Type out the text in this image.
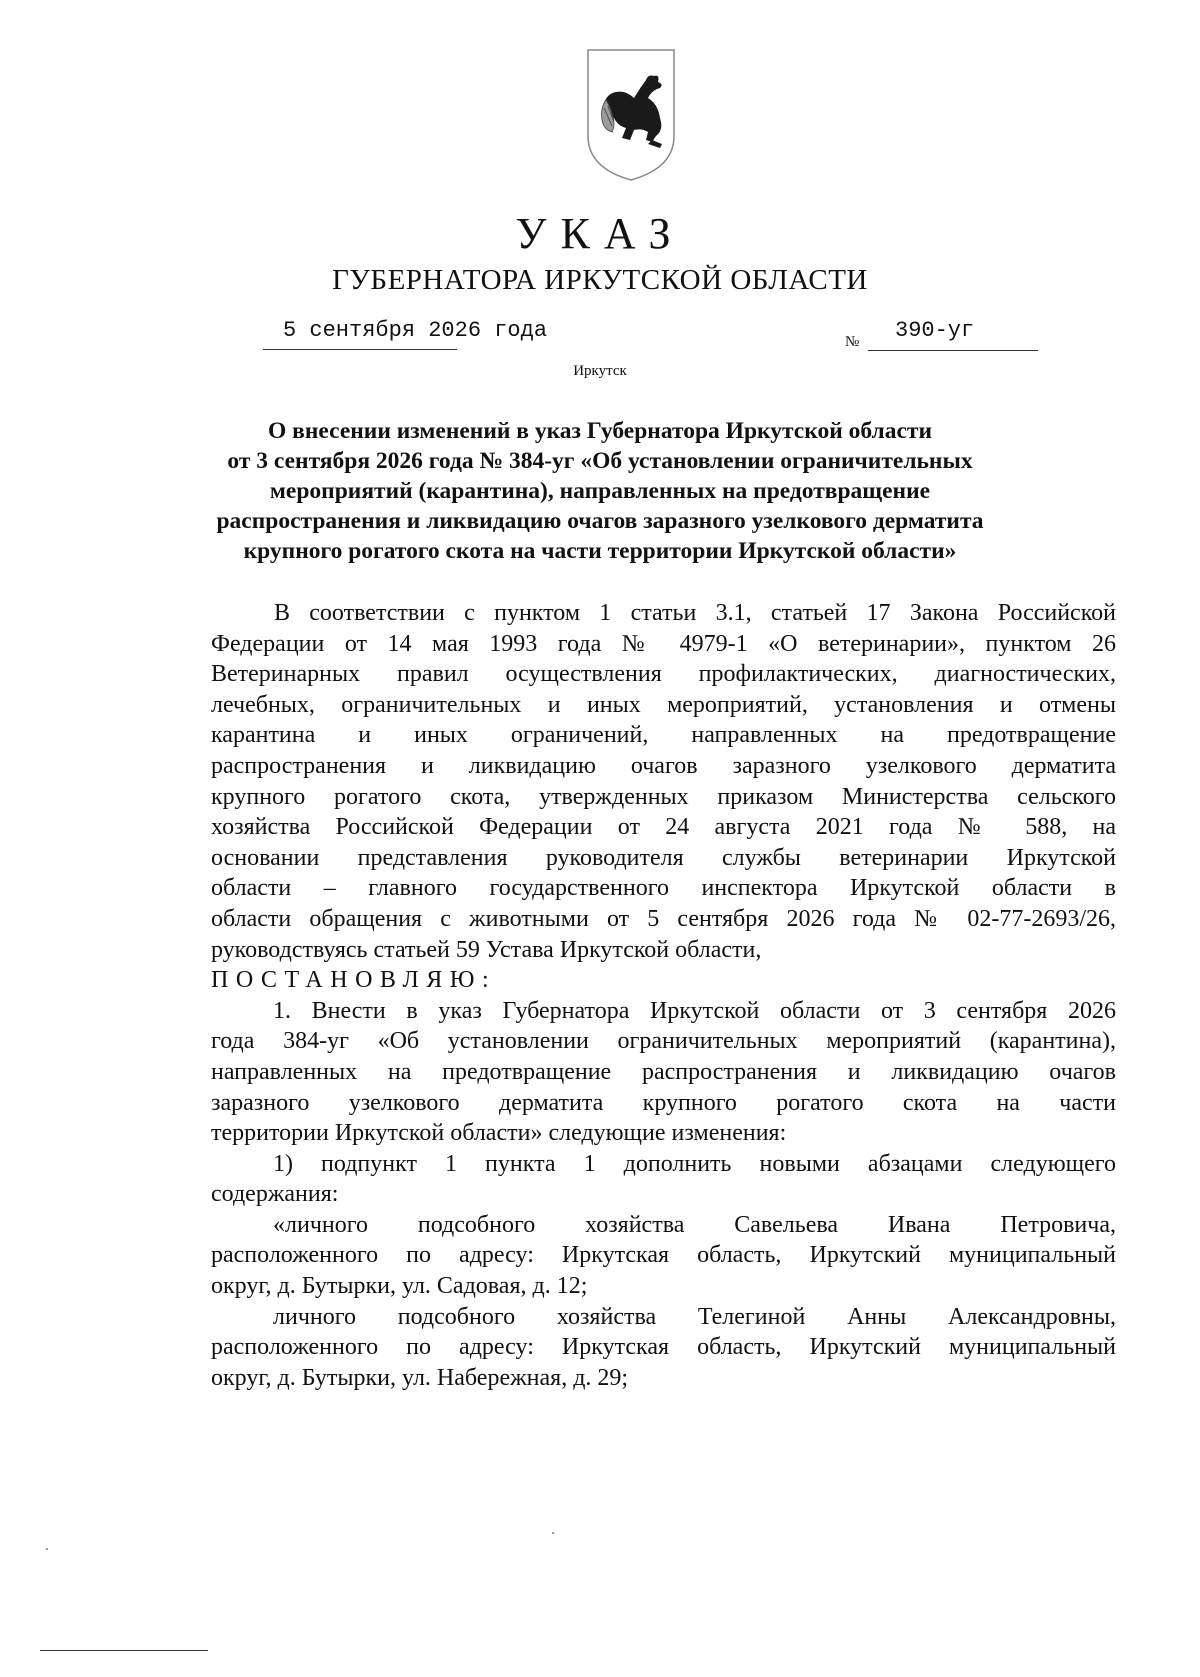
УКАЗ
ГУБЕРНАТОРА ИРКУТСКОЙ ОБЛАСТИ
5 сентября 2026 года	№ 390-уг
Иркутск
О внесении изменений в указ Губернатора Иркутской области
от 3 сентября 2026 года № 384-уг «Об установлении ограничительных
мероприятий (карантина), направленных на предотвращение
распространения и ликвидацию очагов заразного узелкового дерматита
крупного рогатого скота на части территории Иркутской области»
В соответствии с пунктом 1 статьи 3.1, статьей 17 Закона Российской
Федерации от 14 мая 1993 года № 4979-1 «О ветеринарии», пунктом 26
Ветеринарных правил осуществления профилактических, диагностических,
лечебных, ограничительных и иных мероприятий, установления и отмены
карантина и иных ограничений, направленных на предотвращение
распространения и ликвидацию очагов заразного узелкового дерматита
крупного рогатого скота, утвержденных приказом Министерства сельского
хозяйства Российской Федерации от 24 августа 2021 года № 588, на
основании представления руководителя службы ветеринарии Иркутской
области – главного государственного инспектора Иркутской области в
области обращения с животными от 5 сентября 2026 года № 02-77-2693/26,
руководствуясь статьей 59 Устава Иркутской области,
ПОСТАНОВЛЯЮ:
1. Внести в указ Губернатора Иркутской области от 3 сентября 2026
года 384-уг «Об установлении ограничительных мероприятий (карантина),
направленных на предотвращение распространения и ликвидацию очагов
заразного узелкового дерматита крупного рогатого скота на части
территории Иркутской области» следующие изменения:
1) подпункт 1 пункта 1 дополнить новыми абзацами следующего
содержания:
«личного подсобного хозяйства Савельева Ивана Петровича,
расположенного по адресу: Иркутская область, Иркутский муниципальный
округ, д. Бутырки, ул. Садовая, д. 12;
личного подсобного хозяйства Телегиной Анны Александровны,
расположенного по адресу: Иркутская область, Иркутский муниципальный
округ, д. Бутырки, ул. Набережная, д. 29;
